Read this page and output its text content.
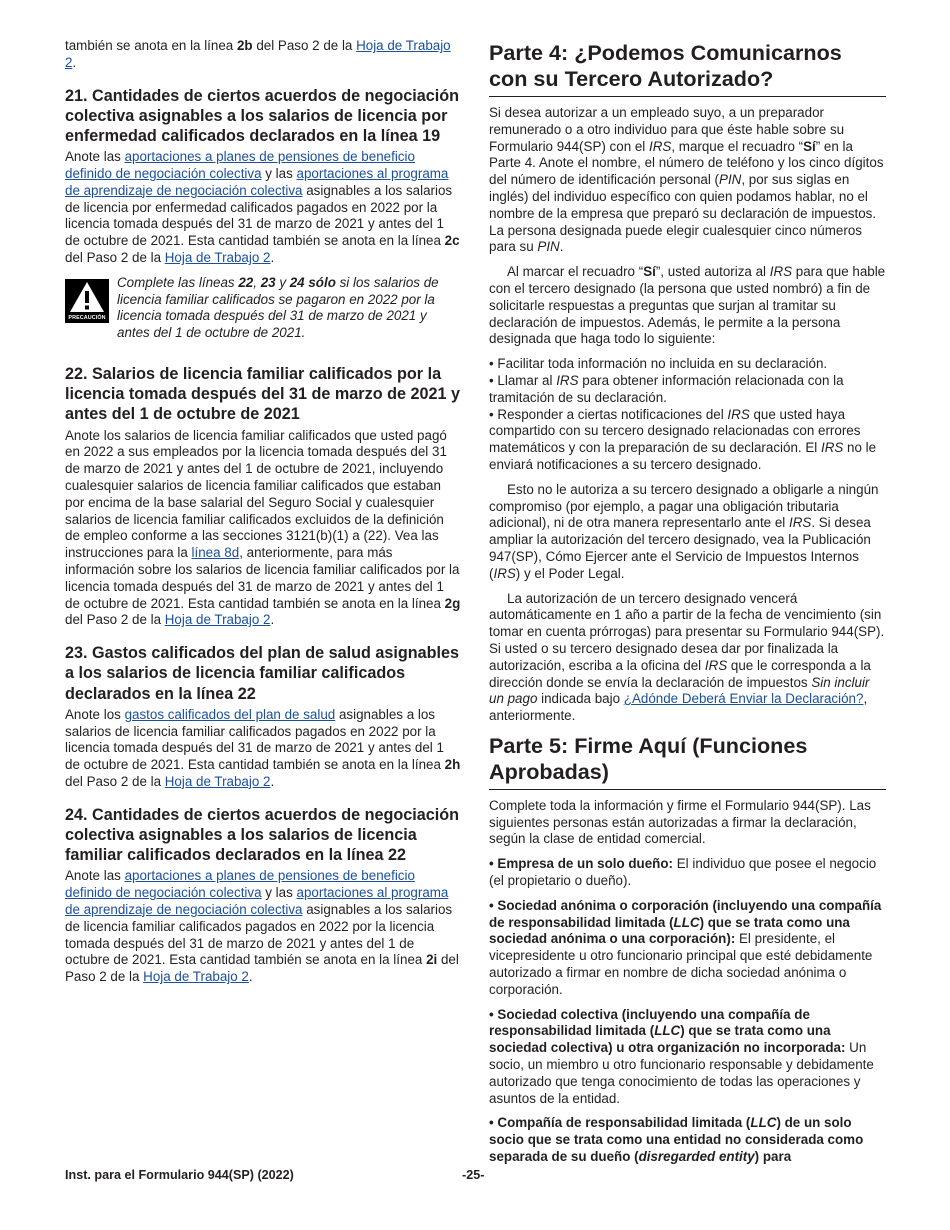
también se anota en la línea 2b del Paso 2 de la Hoja de Trabajo 2.

21. Cantidades de ciertos acuerdos de negociación colectiva asignables a los salarios de licencia por enfermedad calificados declarados en la línea 19

Anote las aportaciones a planes de pensiones de beneficio definido de negociación colectiva y las aportaciones al programa de aprendizaje de negociación colectiva asignables a los salarios de licencia por enfermedad calificados pagados en 2022 por la licencia tomada después del 31 de marzo de 2021 y antes del 1 de octubre de 2021. Esta cantidad también se anota en la línea 2c del Paso 2 de la Hoja de Trabajo 2.

PRECAUCIÓN

Complete las líneas 22, 23 y 24 sólo si los salarios de licencia familiar calificados se pagaron en 2022 por la licencia tomada después del 31 de marzo de 2021 y antes del 1 de octubre de 2021.

22. Salarios de licencia familiar calificados por la licencia tomada después del 31 de marzo de 2021 y antes del 1 de octubre de 2021

Anote los salarios de licencia familiar calificados que usted pagó en 2022 a sus empleados por la licencia tomada después del 31 de marzo de 2021 y antes del 1 de octubre de 2021, incluyendo cualesquier salarios de licencia familiar calificados que estaban por encima de la base salarial del Seguro Social y cualesquier salarios de licencia familiar calificados excluidos de la definición de empleo conforme a las secciones 3121(b)(1) a (22). Vea las instrucciones para la línea 8d, anteriormente, para más información sobre los salarios de licencia familiar calificados por la licencia tomada después del 31 de marzo de 2021 y antes del 1 de octubre de 2021. Esta cantidad también se anota en la línea 2g del Paso 2 de la Hoja de Trabajo 2.

23. Gastos calificados del plan de salud asignables a los salarios de licencia familiar calificados declarados en la línea 22

Anote los gastos calificados del plan de salud asignables a los salarios de licencia familiar calificados pagados en 2022 por la licencia tomada después del 31 de marzo de 2021 y antes del 1 de octubre de 2021. Esta cantidad también se anota en la línea 2h del Paso 2 de la Hoja de Trabajo 2.

24. Cantidades de ciertos acuerdos de negociación colectiva asignables a los salarios de licencia familiar calificados declarados en la línea 22

Anote las aportaciones a planes de pensiones de beneficio definido de negociación colectiva y las aportaciones al programa de aprendizaje de negociación colectiva asignables a los salarios de licencia familiar calificados pagados en 2022 por la licencia tomada después del 31 de marzo de 2021 y antes del 1 de octubre de 2021. Esta cantidad también se anota en la línea 2i del Paso 2 de la Hoja de Trabajo 2.

Parte 4: ¿Podemos Comunicarnos con su Tercero Autorizado?

Si desea autorizar a un empleado suyo, a un preparador remunerado o a otro individuo para que éste hable sobre su Formulario 944(SP) con el IRS, marque el recuadro “Sí” en la Parte 4. Anote el nombre, el número de teléfono y los cinco dígitos del número de identificación personal (PIN, por sus siglas en inglés) del individuo específico con quien podamos hablar, no el nombre de la empresa que preparó su declaración de impuestos. La persona designada puede elegir cualesquier cinco números para su PIN.

Al marcar el recuadro “Sí”, usted autoriza al IRS para que hable con el tercero designado (la persona que usted nombró) a fin de solicitarle respuestas a preguntas que surjan al tramitar su declaración de impuestos. Además, le permite a la persona designada que haga todo lo siguiente:

• Facilitar toda información no incluida en su declaración.
• Llamar al IRS para obtener información relacionada con la tramitación de su declaración.
• Responder a ciertas notificaciones del IRS que usted haya compartido con su tercero designado relacionadas con errores matemáticos y con la preparación de su declaración. El IRS no le enviará notificaciones a su tercero designado.

Esto no le autoriza a su tercero designado a obligarle a ningún compromiso (por ejemplo, a pagar una obligación tributaria adicional), ni de otra manera representarlo ante el IRS. Si desea ampliar la autorización del tercero designado, vea la Publicación 947(SP), Cómo Ejercer ante el Servicio de Impuestos Internos (IRS) y el Poder Legal.

La autorización de un tercero designado vencerá automáticamente en 1 año a partir de la fecha de vencimiento (sin tomar en cuenta prórrogas) para presentar su Formulario 944(SP). Si usted o su tercero designado desea dar por finalizada la autorización, escriba a la oficina del IRS que le corresponda a la dirección donde se envía la declaración de impuestos Sin incluir un pago indicada bajo ¿Adónde Deberá Enviar la Declaración?, anteriormente.

Parte 5: Firme Aquí (Funciones Aprobadas)

Complete toda la información y firme el Formulario 944(SP). Las siguientes personas están autorizadas a firmar la declaración, según la clase de entidad comercial.

• Empresa de un solo dueño: El individuo que posee el negocio (el propietario o dueño).

• Sociedad anónima o corporación (incluyendo una compañía de responsabilidad limitada (LLC) que se trata como una sociedad anónima o una corporación): El presidente, el vicepresidente u otro funcionario principal que esté debidamente autorizado a firmar en nombre de dicha sociedad anónima o corporación.

• Sociedad colectiva (incluyendo una compañía de responsabilidad limitada (LLC) que se trata como una sociedad colectiva) u otra organización no incorporada: Un socio, un miembro u otro funcionario responsable y debidamente autorizado que tenga conocimiento de todas las operaciones y asuntos de la entidad.

• Compañía de responsabilidad limitada (LLC) de un solo socio que se trata como una entidad no considerada como separada de su dueño (disregarded entity) para

Inst. para el Formulario 944(SP) (2022)	-25-
